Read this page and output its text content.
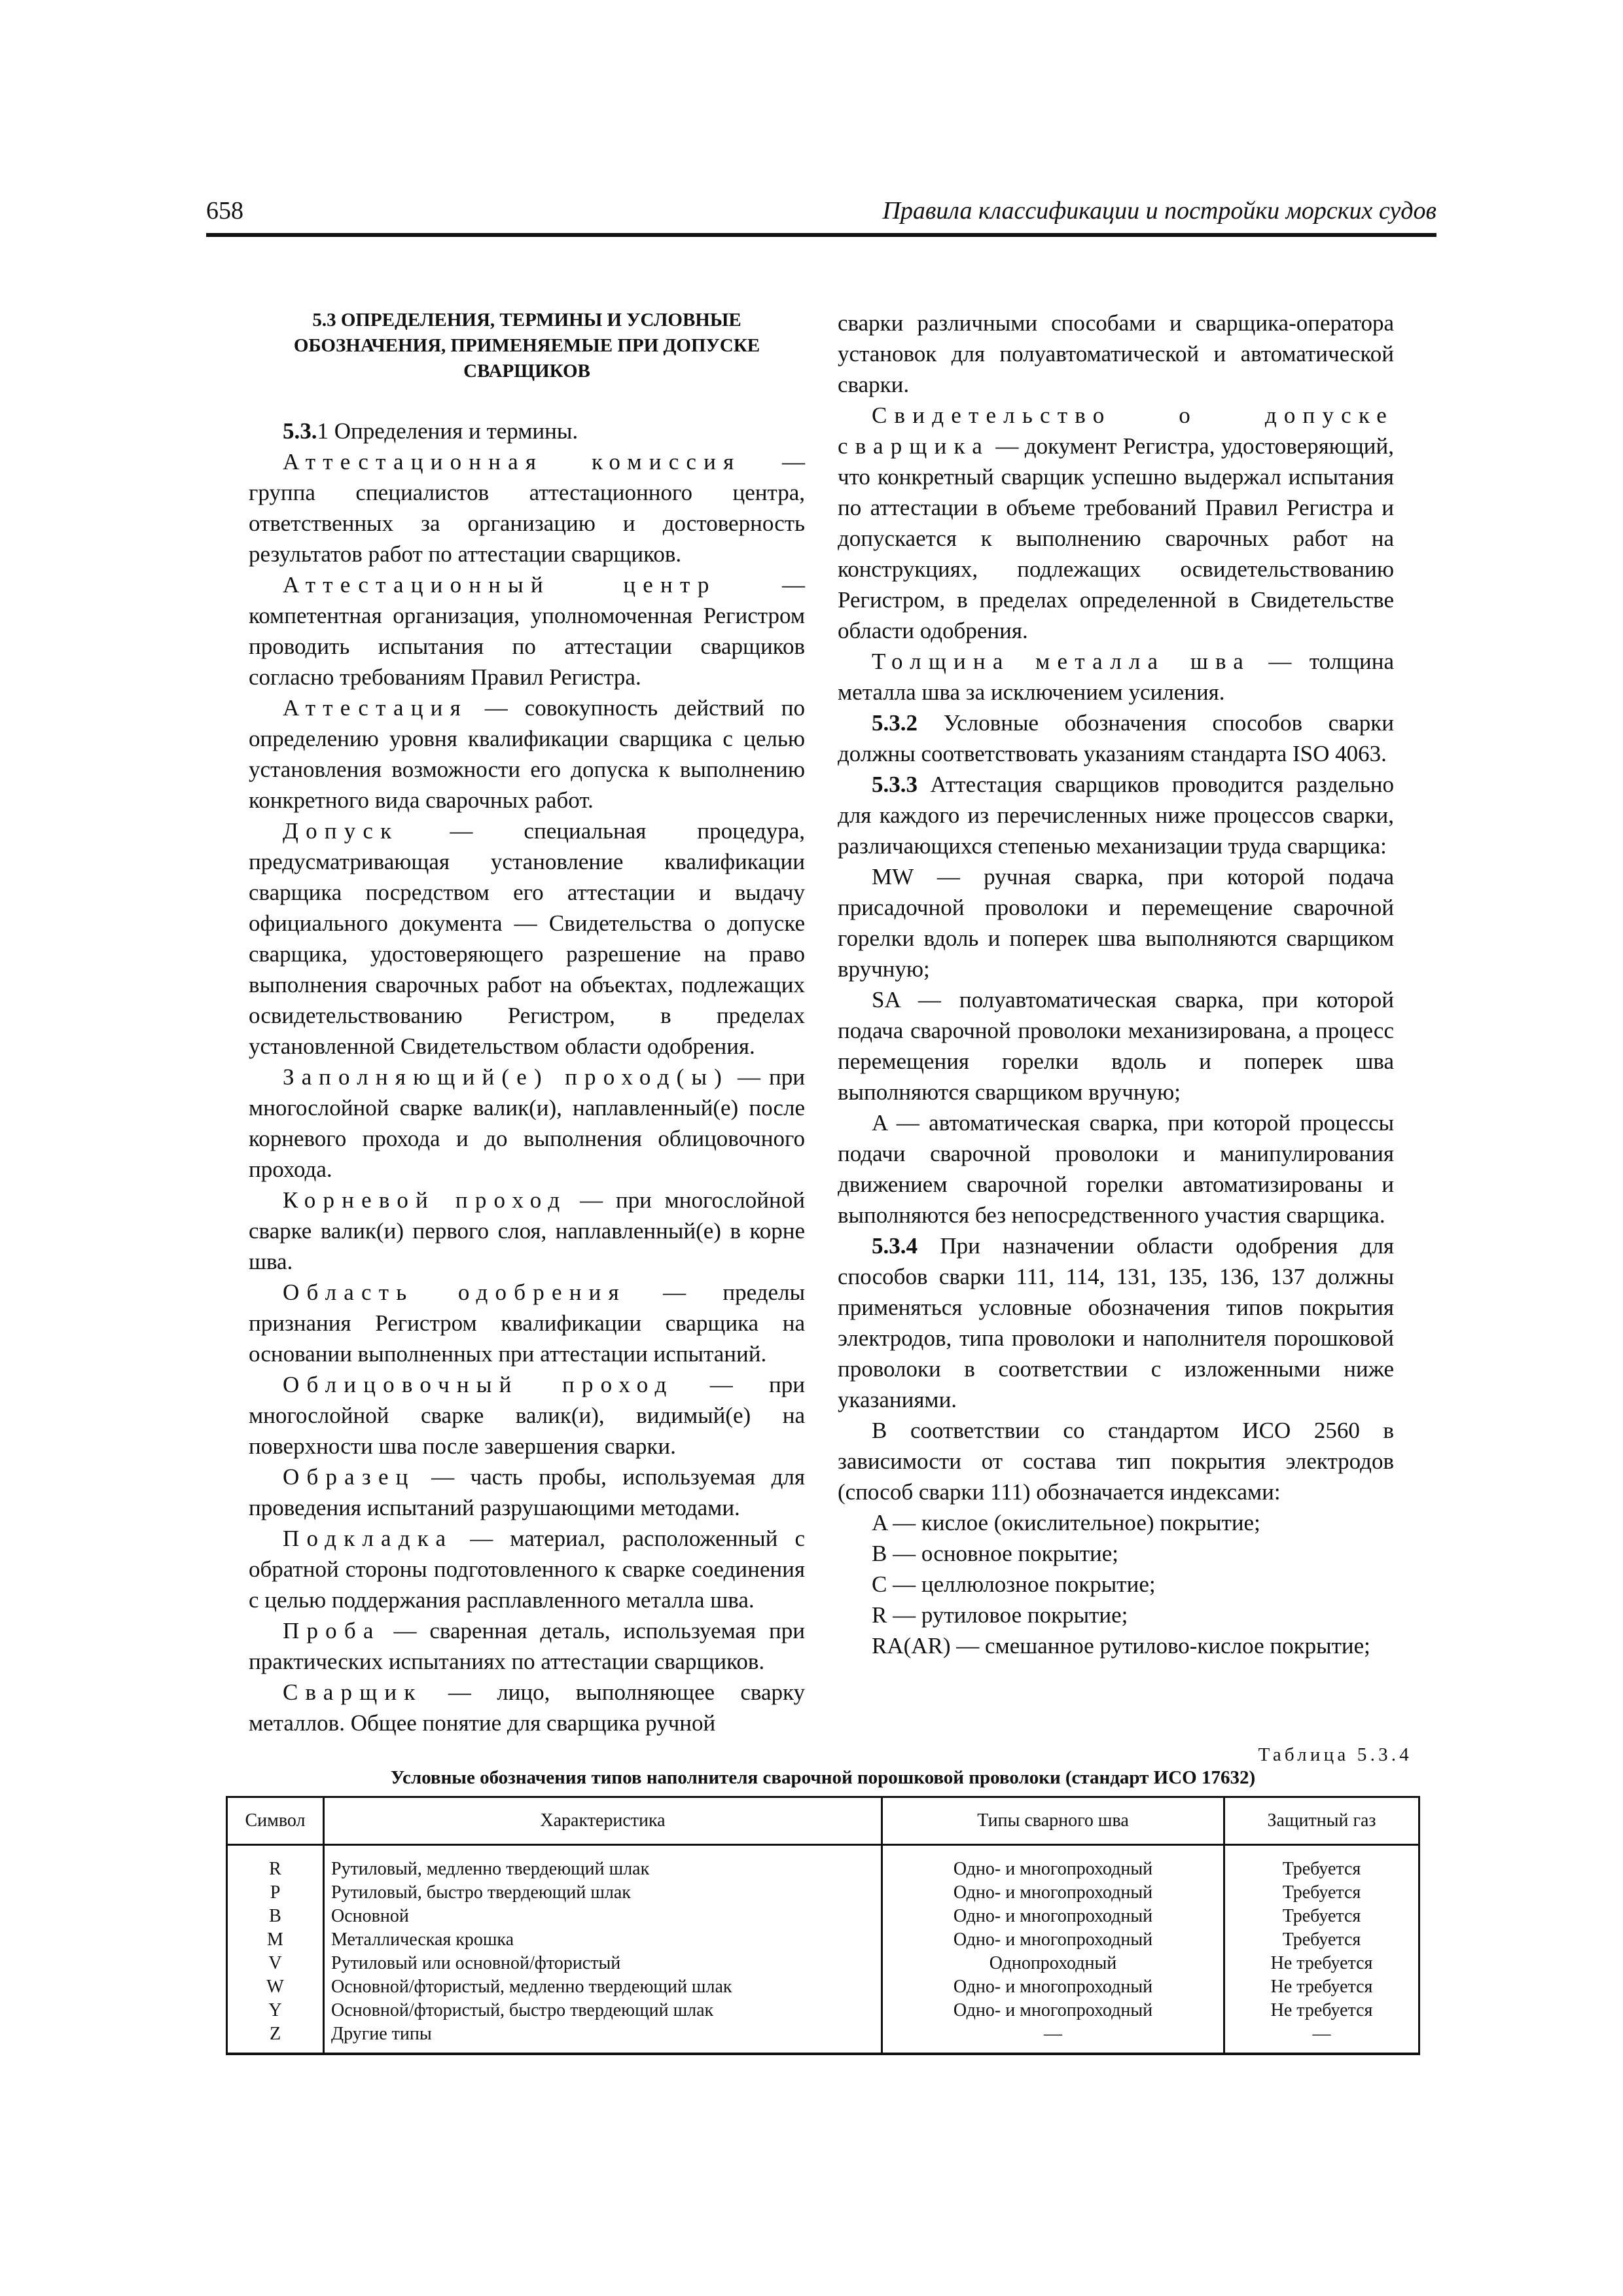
658	Правила классификации и постройки морских судов
5.3 ОПРЕДЕЛЕНИЯ, ТЕРМИНЫ И УСЛОВНЫЕ ОБОЗНАЧЕНИЯ, ПРИМЕНЯЕМЫЕ ПРИ ДОПУСКЕ СВАРЩИКОВ

5.3.1 Определения и термины.

Аттестационная комиссия — группа специалистов аттестационного центра, ответственных за организацию и достоверность результатов работ по аттестации сварщиков.

Аттестационный центр — компетентная организация, уполномоченная Регистром проводить испытания по аттестации сварщиков согласно требованиям Правил Регистра.

Аттестация — совокупность действий по определению уровня квалификации сварщика с целью установления возможности его допуска к выполнению конкретного вида сварочных работ.

Допуск — специальная процедура, предусматривающая установление квалификации сварщика посредством его аттестации и выдачу официального документа — Свидетельства о допуске сварщика, удостоверяющего разрешение на право выполнения сварочных работ на объектах, подлежащих освидетельствованию Регистром, в пределах установленной Свидетельством области одобрения.

Заполняющий(е) проход(ы) — при многослойной сварке валик(и), наплавленный(е) после корневого прохода и до выполнения облицовочного прохода.

Корневой проход — при многослойной сварке валик(и) первого слоя, наплавленный(е) в корне шва.

Область одобрения — пределы признания Регистром квалификации сварщика на основании выполненных при аттестации испытаний.

Облицовочный проход — при многослойной сварке валик(и), видимый(е) на поверхности шва после завершения сварки.

Образец — часть пробы, используемая для проведения испытаний разрушающими методами.

Подкладка — материал, расположенный с обратной стороны подготовленного к сварке соединения с целью поддержания расплавленного металла шва.

Проба — сваренная деталь, используемая при практических испытаниях по аттестации сварщиков.

Сварщик — лицо, выполняющее сварку металлов. Общее понятие для сварщика ручной

сварки различными способами и сварщика-оператора установок для полуавтоматической и автоматической сварки.

Свидетельство о допуске сварщика — документ Регистра, удостоверяющий, что конкретный сварщик успешно выдержал испытания по аттестации в объеме требований Правил Регистра и допускается к выполнению сварочных работ на конструкциях, подлежащих освидетельствованию Регистром, в пределах определенной в Свидетельстве области одобрения.

Толщина металла шва — толщина металла шва за исключением усиления.

5.3.2 Условные обозначения способов сварки должны соответствовать указаниям стандарта ISO 4063.

5.3.3 Аттестация сварщиков проводится раздельно для каждого из перечисленных ниже процессов сварки, различающихся степенью механизации труда сварщика:

MW — ручная сварка, при которой подача присадочной проволоки и перемещение сварочной горелки вдоль и поперек шва выполняются сварщиком вручную;

SA — полуавтоматическая сварка, при которой подача сварочной проволоки механизирована, а процесс перемещения горелки вдоль и поперек шва выполняются сварщиком вручную;

A — автоматическая сварка, при которой процессы подачи сварочной проволоки и манипулирования движением сварочной горелки автоматизированы и выполняются без непосредственного участия сварщика.

5.3.4 При назначении области одобрения для способов сварки 111, 114, 131, 135, 136, 137 должны применяться условные обозначения типов покрытия электродов, типа проволоки и наполнителя порошковой проволоки в соответствии с изложенными ниже указаниями.

В соответствии со стандартом ИСО 2560 в зависимости от состава тип покрытия электродов (способ сварки 111) обозначается индексами:

A — кислое (окислительное) покрытие;

B — основное покрытие;

C — целлюлозное покрытие;

R — рутиловое покрытие;

RA(AR) — смешанное рутилово-кислое покрытие;

Таблица 5.3.4
Условные обозначения типов наполнителя сварочной порошковой проволоки (стандарт ИСО 17632)
Символ	Характеристика	Типы сварного шва	Защитный газ
R	Рутиловый, медленно твердеющий шлак	Одно- и многопроходный	Требуется
P	Рутиловый, быстро твердеющий шлак	Одно- и многопроходный	Требуется
B	Основной	Одно- и многопроходный	Требуется
M	Металлическая крошка	Одно- и многопроходный	Требуется
V	Рутиловый или основной/фтористый	Однопроходный	Не требуется
W	Основной/фтористый, медленно твердеющий шлак	Одно- и многопроходный	Не требуется
Y	Основной/фтористый, быстро твердеющий шлак	Одно- и многопроходный	Не требуется
Z	Другие типы	—	—
